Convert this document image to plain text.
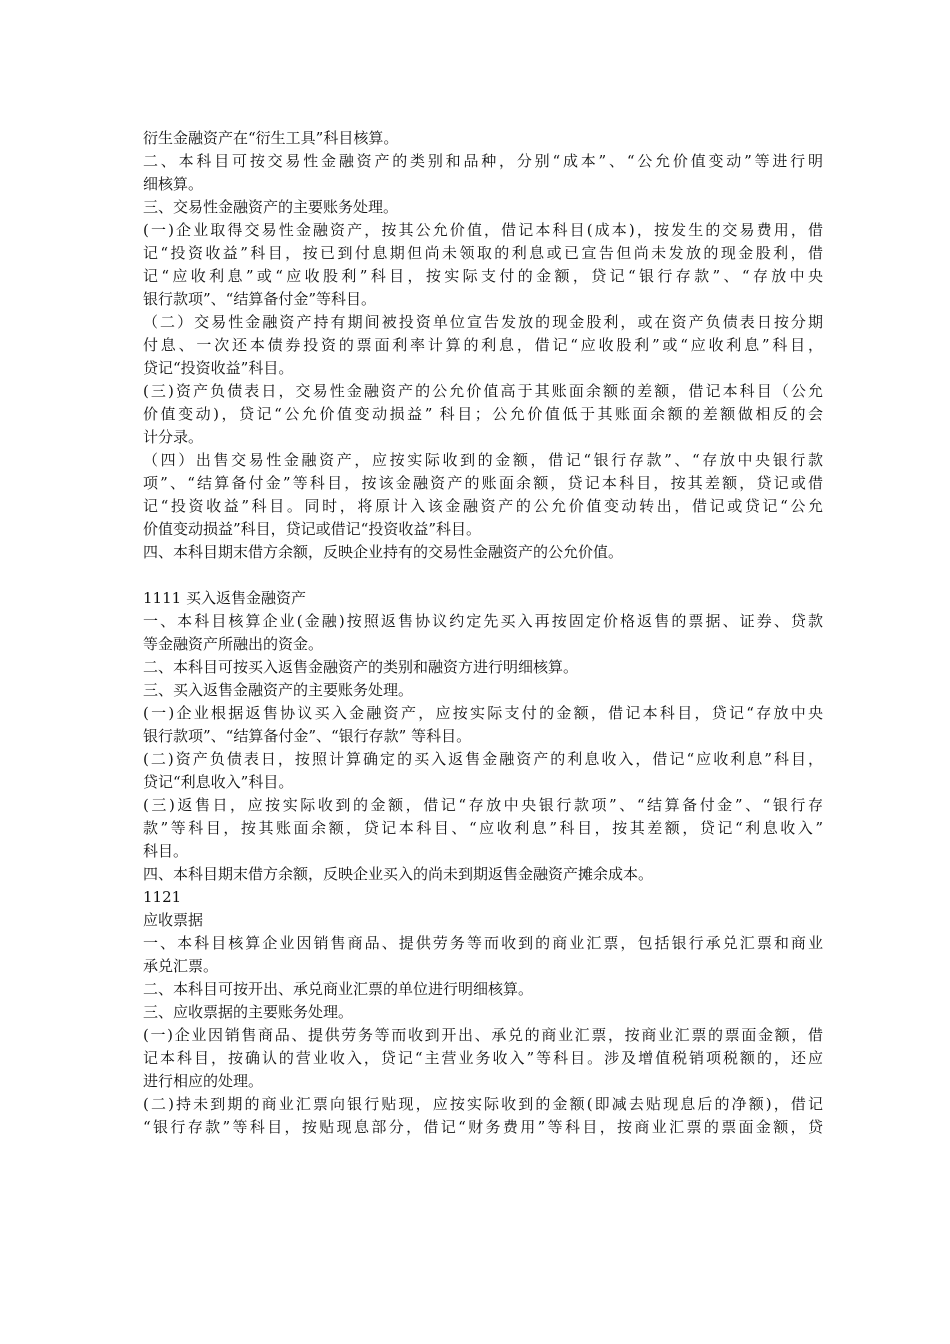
衍生金融资产在“衍生工具”科目核算。
二、本科目可按交易性金融资产的类别和品种，分别“成本”、“公允价值变动”等进行明
细核算。
三、交易性金融资产的主要账务处理。
(一)企业取得交易性金融资产，按其公允价值，借记本科目(成本)，按发生的交易费用，借
记“投资收益”科目，按已到付息期但尚未领取的利息或已宣告但尚未发放的现金股利，借
记“应收利息”或“应收股利”科目，按实际支付的金额，贷记“银行存款”、“存放中央
银行款项”、“结算备付金”等科目。
（二）交易性金融资产持有期间被投资单位宣告发放的现金股利，或在资产负债表日按分期
付息、一次还本债券投资的票面利率计算的利息，借记“应收股利”或“应收利息”科目，
贷记“投资收益”科目。
(三)资产负债表日，交易性金融资产的公允价值高于其账面余额的差额，借记本科目（公允
价值变动)，贷记“公允价值变动损益” 科目；公允价值低于其账面余额的差额做相反的会
计分录。
（四）出售交易性金融资产，应按实际收到的金额，借记“银行存款”、“存放中央银行款
项”、“结算备付金”等科目，按该金融资产的账面余额，贷记本科目，按其差额，贷记或借
记“投资收益”科目。同时，将原计入该金融资产的公允价值变动转出，借记或贷记“公允
价值变动损益”科目，贷记或借记“投资收益”科目。
四、本科目期末借方余额，反映企业持有的交易性金融资产的公允价值。
1111 买入返售金融资产
一、本科目核算企业(金融)按照返售协议约定先买入再按固定价格返售的票据、证券、贷款
等金融资产所融出的资金。
二、本科目可按买入返售金融资产的类别和融资方进行明细核算。
三、买入返售金融资产的主要账务处理。
(一)企业根据返售协议买入金融资产，应按实际支付的金额，借记本科目，贷记“存放中央
银行款项”、“结算备付金”、“银行存款” 等科目。
(二)资产负债表日，按照计算确定的买入返售金融资产的利息收入，借记“应收利息”科目，
贷记“利息收入”科目。
(三)返售日，应按实际收到的金额，借记“存放中央银行款项”、“结算备付金”、“银行存
款”等科目，按其账面余额，贷记本科目、“应收利息”科目，按其差额，贷记“利息收入”
科目。
四、本科目期末借方余额，反映企业买入的尚未到期返售金融资产摊余成本。
1121
应收票据
一、本科目核算企业因销售商品、提供劳务等而收到的商业汇票，包括银行承兑汇票和商业
承兑汇票。
二、本科目可按开出、承兑商业汇票的单位进行明细核算。
三、应收票据的主要账务处理。
(一)企业因销售商品、提供劳务等而收到开出、承兑的商业汇票，按商业汇票的票面金额，借
记本科目，按确认的营业收入，贷记“主营业务收入”等科目。涉及增值税销项税额的，还应
进行相应的处理。
(二)持未到期的商业汇票向银行贴现，应按实际收到的金额(即减去贴现息后的净额)，借记
“银行存款”等科目，按贴现息部分，借记“财务费用”等科目，按商业汇票的票面金额，贷
